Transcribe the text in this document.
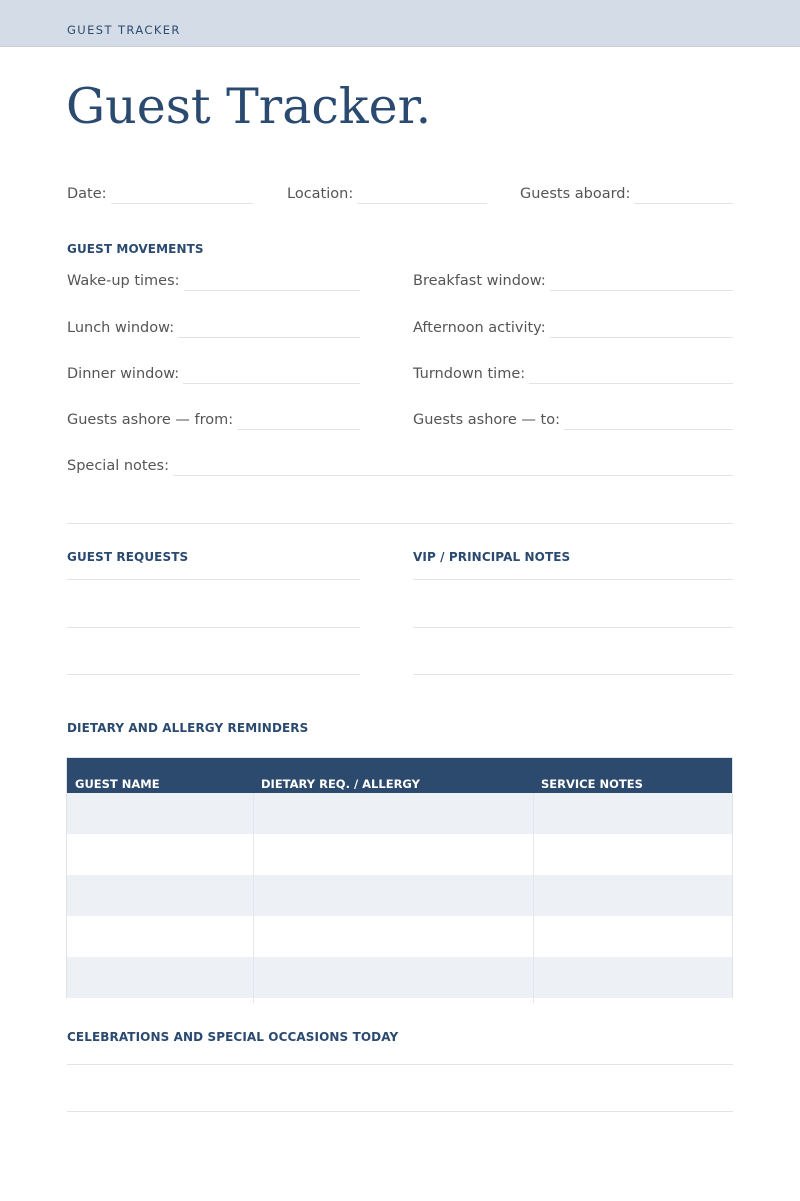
GUEST TRACKER
Guest Tracker.
Date:	Location:	Guests aboard:
GUEST MOVEMENTS
Wake-up times:	Breakfast window:
Lunch window:	Afternoon activity:
Dinner window:	Turndown time:
Guests ashore — from:	Guests ashore — to:
Special notes:
GUEST REQUESTS	VIP / PRINCIPAL NOTES
DIETARY AND ALLERGY REMINDERS
GUEST NAME	DIETARY REQ. / ALLERGY	SERVICE NOTES
CELEBRATIONS AND SPECIAL OCCASIONS TODAY
